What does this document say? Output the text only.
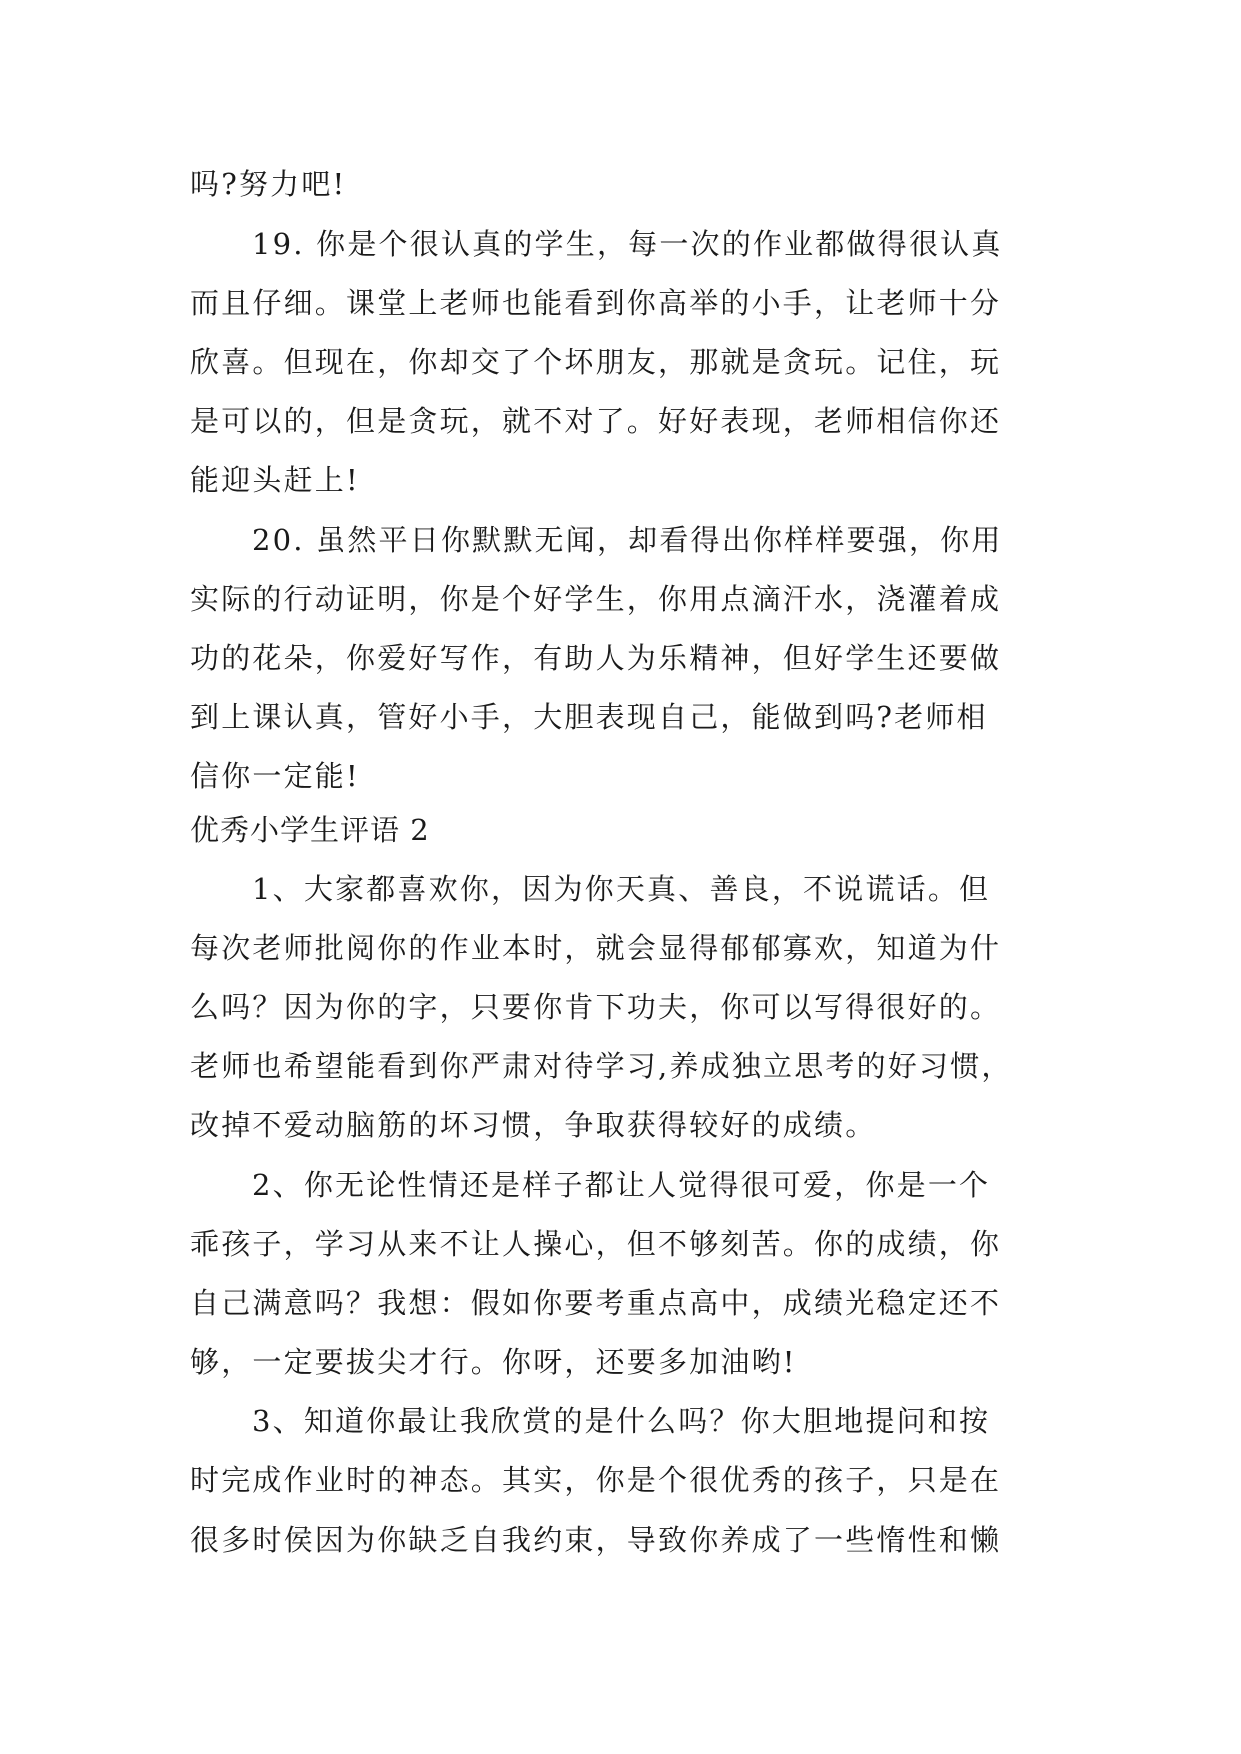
吗?努力吧!
19. 你是个很认真的学生，每一次的作业都做得很认真
而且仔细。课堂上老师也能看到你高举的小手，让老师十分
欣喜。但现在，你却交了个坏朋友，那就是贪玩。记住，玩
是可以的，但是贪玩，就不对了。好好表现，老师相信你还
能迎头赶上!
20. 虽然平日你默默无闻，却看得出你样样要强，你用
实际的行动证明，你是个好学生，你用点滴汗水，浇灌着成
功的花朵，你爱好写作，有助人为乐精神，但好学生还要做
到上课认真，管好小手，大胆表现自己，能做到吗?老师相
信你一定能!
优秀小学生评语 2
1、大家都喜欢你，因为你天真、善良，不说谎话。但
每次老师批阅你的作业本时，就会显得郁郁寡欢，知道为什
么吗？因为你的字，只要你肯下功夫，你可以写得很好的。
老师也希望能看到你严肃对待学习,养成独立思考的好习惯，
改掉不爱动脑筋的坏习惯，争取获得较好的成绩。
2、你无论性情还是样子都让人觉得很可爱，你是一个
乖孩子，学习从来不让人操心，但不够刻苦。你的成绩，你
自己满意吗？我想：假如你要考重点高中，成绩光稳定还不
够，一定要拔尖才行。你呀，还要多加油哟!
3、知道你最让我欣赏的是什么吗？你大胆地提问和按
时完成作业时的神态。其实，你是个很优秀的孩子，只是在
很多时侯因为你缺乏自我约束，导致你养成了一些惰性和懒
